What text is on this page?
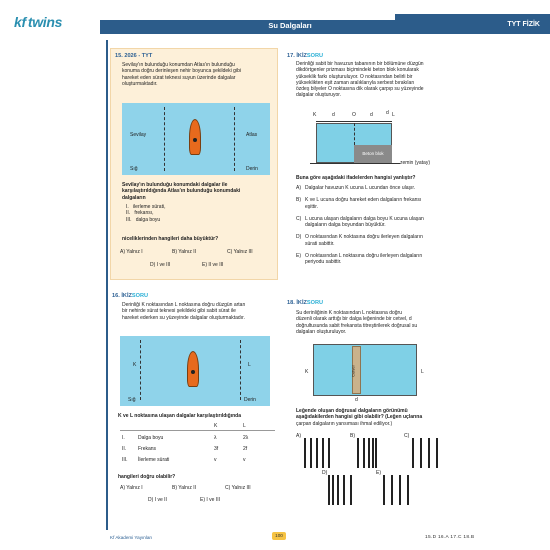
kf twins	Su Dalgaları	TYT FİZİK
15. 2026 - TYT
Sevilay'ın bulunduğu konumdan Atlas'ın bulunduğu
konuma doğru derinleşen nehir boyunca şekildeki gibi
hareket eden sürat teknesi suyun üzerinde dalgalar
oluşturmaktadır.
Sevilay	Atlas
Sığ	Derin
Sevilay'ın bulunduğu konumdaki dalgalar ile
karşılaştırıldığında Atlas'ın bulunduğu konumdaki
dalgaların
I. ilerleme sürati,
II. frekansı,
III. dalga boyu
niceliklerinden hangileri daha büyüktür?
A) Yalnız I	B) Yalnız II	C) Yalnız III
D) I ve III	E) II ve III
16. İKİZSORU
Derinliği K noktasından L noktasına doğru düzgün artan
bir nehirde sürat teknesi şekildeki gibi sabit sürat ile
hareket ederken su yüzeyinde dalgalar oluşturmaktadır.
K	L
Sığ	Derin
K ve L noktasına ulaşan dalgalar karşılaştırıldığında
K	L
I.	Dalga boyu	λ	2λ
II. Frekans	3f	2f
III. İlerleme sürati	v	v
hangileri doğru olabilir?
A) Yalnız I	B) Yalnız II	C) Yalnız III
D) I ve II	E) I ve III
17. İKİZSORU
Derinliği sabit bir havuzun tabanının bir bölümüne düzgün
dikdörtgenler prizması biçimindeki beton blok konularak
yükseklik farkı oluşturuluyor. O noktasından belirli bir
yükseklikten eşit zaman aralıklarıyla serbest bırakılan
özdeş bilyeler O noktasına dik olarak çarpıp su yüzeyinde
dalgalar oluşturuyor.
K	d	O	d	d L
Beton blok
zemin (yatay)
Buna göre aşağıdaki ifadelerden hangisi yanlıştır?
A) Dalgalar havuzun K ucuna L ucundan önce ulaşır.
B) K ve L ucuna doğru hareket eden dalgaların frekansı
eşittir.
C) L ucuna ulaşan dalgaların dalga boyu K ucuna ulaşan
dalgaların dalga boyundan büyüktür.
D) O noktasından K noktasına doğru ilerleyen dalgaların
sürati sabittir.
E) O noktasından L noktasına doğru ilerleyen dalgaların
periyodu sabittir.
18. İKİZSORU
Su derinliğinin K noktasından L noktasına doğru
düzenli olarak arttığı bir dalga leğeninde bir cetvel, d
doğrultusunda sabit frekansta titreştirilerek doğrusal su
dalgaları oluşturuluyor.
K	L
Cetvel
d
Leğende oluşan doğrusal dalgaların görünümü
aşağıdakilerden hangisi gibi olabilir? (Leğen uçlarına
çarpan dalgaların yansıması ihmal ediliyor.)
A)	B)	C)
D)	E)
Kf Akademi Yayınları	100	15.D 16.A 17.C 18.B
